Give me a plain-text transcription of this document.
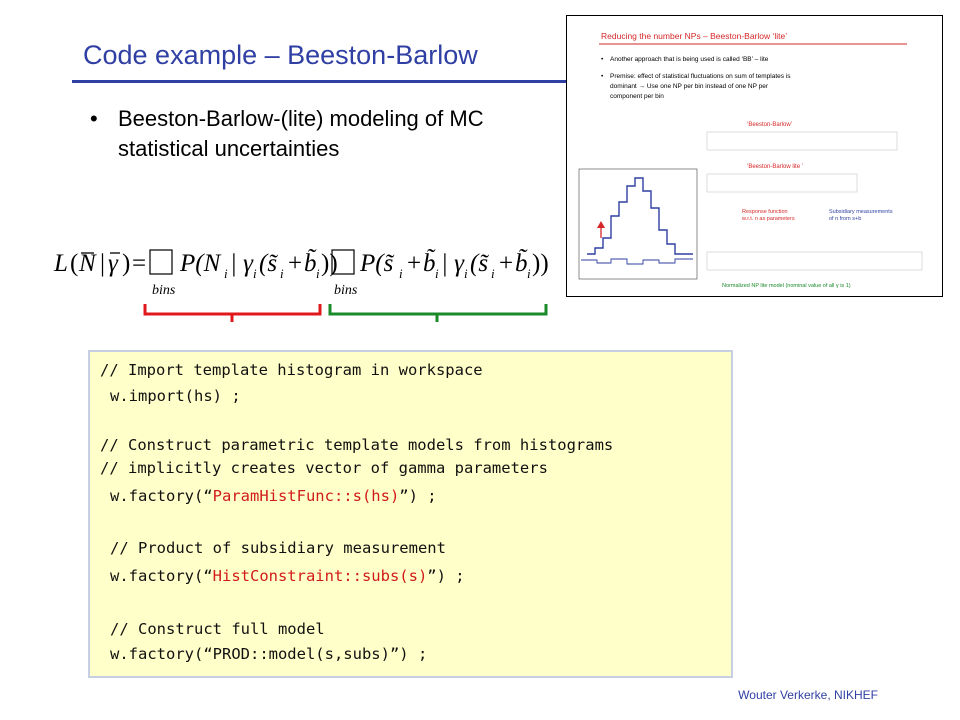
Code example – Beeston-Barlow
• Beeston-Barlow-(lite) modeling of MC statistical uncertainties
Reducing the number NPs – Beeston-Barlow ‘lite’
• Another approach that is being used is called ‘BB’ – lite
• Premise: effect of statistical fluctuations on sum of templates is
dominant → Use one NP per bin instead of one NP per
component per bin
‘Beeston-Barlow’
‘Beeston-Barlow lite ’
Response function
w.r.t. n as parameters
Subsidiary measurements
of n from s+b
Normalized NP lite model (nominal value of all γ is 1)
L ( N | γ ) =
bins
P(N i | γ i (s̃ i + b̃ i ))
bins
P(s̃ i + b̃ i | γ i (s̃ i + b̃ i ))
// Import template histogram in workspace
w.import(hs) ;
// Construct parametric template models from histograms
// implicitly creates vector of gamma parameters
w.factory(“ParamHistFunc::s(hs)”) ;
// Product of subsidiary measurement
w.factory(“HistConstraint::subs(s)”) ;
// Construct full model
w.factory(“PROD::model(s,subs)”) ;
Wouter Verkerke, NIKHEF
